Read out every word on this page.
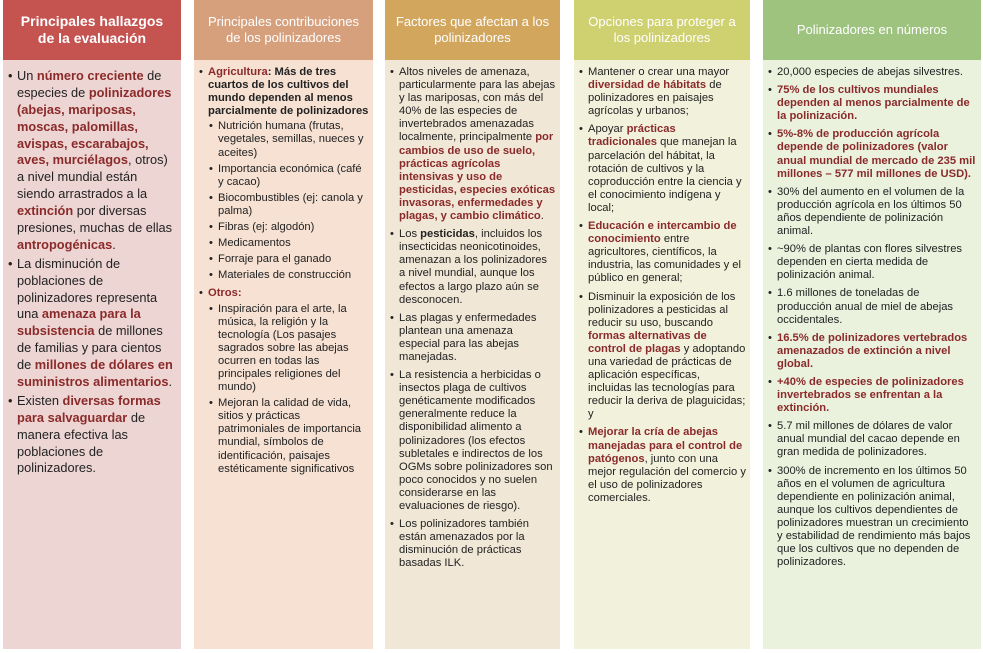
Principales hallazgos de la evaluación
• Un número creciente de especies de polinizadores (abejas, mariposas, moscas, palomillas, avispas, escarabajos, aves, murciélagos, otros) a nivel mundial están siendo arrastrados a la extinción por diversas presiones, muchas de ellas antropogénicas.
• La disminución de poblaciones de polinizadores representa una amenaza para la subsistencia de millones de familias y para cientos de millones de dólares en suministros alimentarios.
• Existen diversas formas para salvaguardar de manera efectiva las poblaciones de polinizadores.
Principales contribuciones de los polinizadores
• Agricultura: Más de tres cuartos de los cultivos del mundo dependen al menos parcialmente de polinizadores
• Nutrición humana (frutas, vegetales, semillas, nueces y aceites)
• Importancia económica (café y cacao)
• Biocombustibles (ej: canola y palma)
• Fibras (ej: algodón)
• Medicamentos
• Forraje para el ganado
• Materiales de construcción
• Otros:
• Inspiración para el arte, la música, la religión y la tecnología (Los pasajes sagrados sobre las abejas ocurren en todas las principales religiones del mundo)
• Mejoran la calidad de vida, sitios y prácticas patrimoniales de importancia mundial, símbolos de identificación, paisajes estéticamente significativos
Factores que afectan a los polinizadores
• Altos niveles de amenaza, particularmente para las abejas y las mariposas, con más del 40% de las especies de invertebrados amenazadas localmente, principalmente por cambios de uso de suelo, prácticas agrícolas intensivas y uso de pesticidas, especies exóticas invasoras, enfermedades y plagas, y cambio climático.
• Los pesticidas, incluidos los insecticidas neonicotinoides, amenazan a los polinizadores a nivel mundial, aunque los efectos a largo plazo aún se desconocen.
• Las plagas y enfermedades plantean una amenaza especial para las abejas manejadas.
• La resistencia a herbicidas o insectos plaga de cultivos genéticamente modificados generalmente reduce la disponibilidad alimento a polinizadores (los efectos subletales e indirectos de los OGMs sobre polinizadores son poco conocidos y no suelen considerarse en las evaluaciones de riesgo).
• Los polinizadores también están amenazados por la disminución de prácticas basadas ILK.
Opciones para proteger a los polinizadores
• Mantener o crear una mayor diversidad de hábitats de polinizadores en paisajes agrícolas y urbanos;
• Apoyar prácticas tradicionales que manejan la parcelación del hábitat, la rotación de cultivos y la coproducción entre la ciencia y el conocimiento indígena y local;
• Educación e intercambio de conocimiento entre agricultores, científicos, la industria, las comunidades y el público en general;
• Disminuir la exposición de los polinizadores a pesticidas al reducir su uso, buscando formas alternativas de control de plagas y adoptando una variedad de prácticas de aplicación específicas, incluidas las tecnologías para reducir la deriva de plaguicidas; y
• Mejorar la cría de abejas manejadas para el control de patógenos, junto con una mejor regulación del comercio y el uso de polinizadores comerciales.
Polinizadores en números
• 20,000 especies de abejas silvestres.
• 75% de los cultivos mundiales dependen al menos parcialmente de la polinización.
• 5%-8% de producción agrícola depende de polinizadores (valor anual mundial de mercado de 235 mil millones – 577 mil millones de USD).
• 30% del aumento en el volumen de la producción agrícola en los últimos 50 años dependiente de polinización animal.
• ~90% de plantas con flores silvestres dependen en cierta medida de polinización animal.
• 1.6 millones de toneladas de producción anual de miel de abejas occidentales.
• 16.5% de polinizadores vertebrados amenazados de extinción a nivel global.
• +40% de especies de polinizadores invertebrados se enfrentan a la extinción.
• 5.7 mil millones de dólares de valor anual mundial del cacao depende en gran medida de polinizadores.
• 300% de incremento en los últimos 50 años en el volumen de agricultura dependiente en polinización animal, aunque los cultivos dependientes de polinizadores muestran un crecimiento y estabilidad de rendimiento más bajos que los cultivos que no dependen de polinizadores.
